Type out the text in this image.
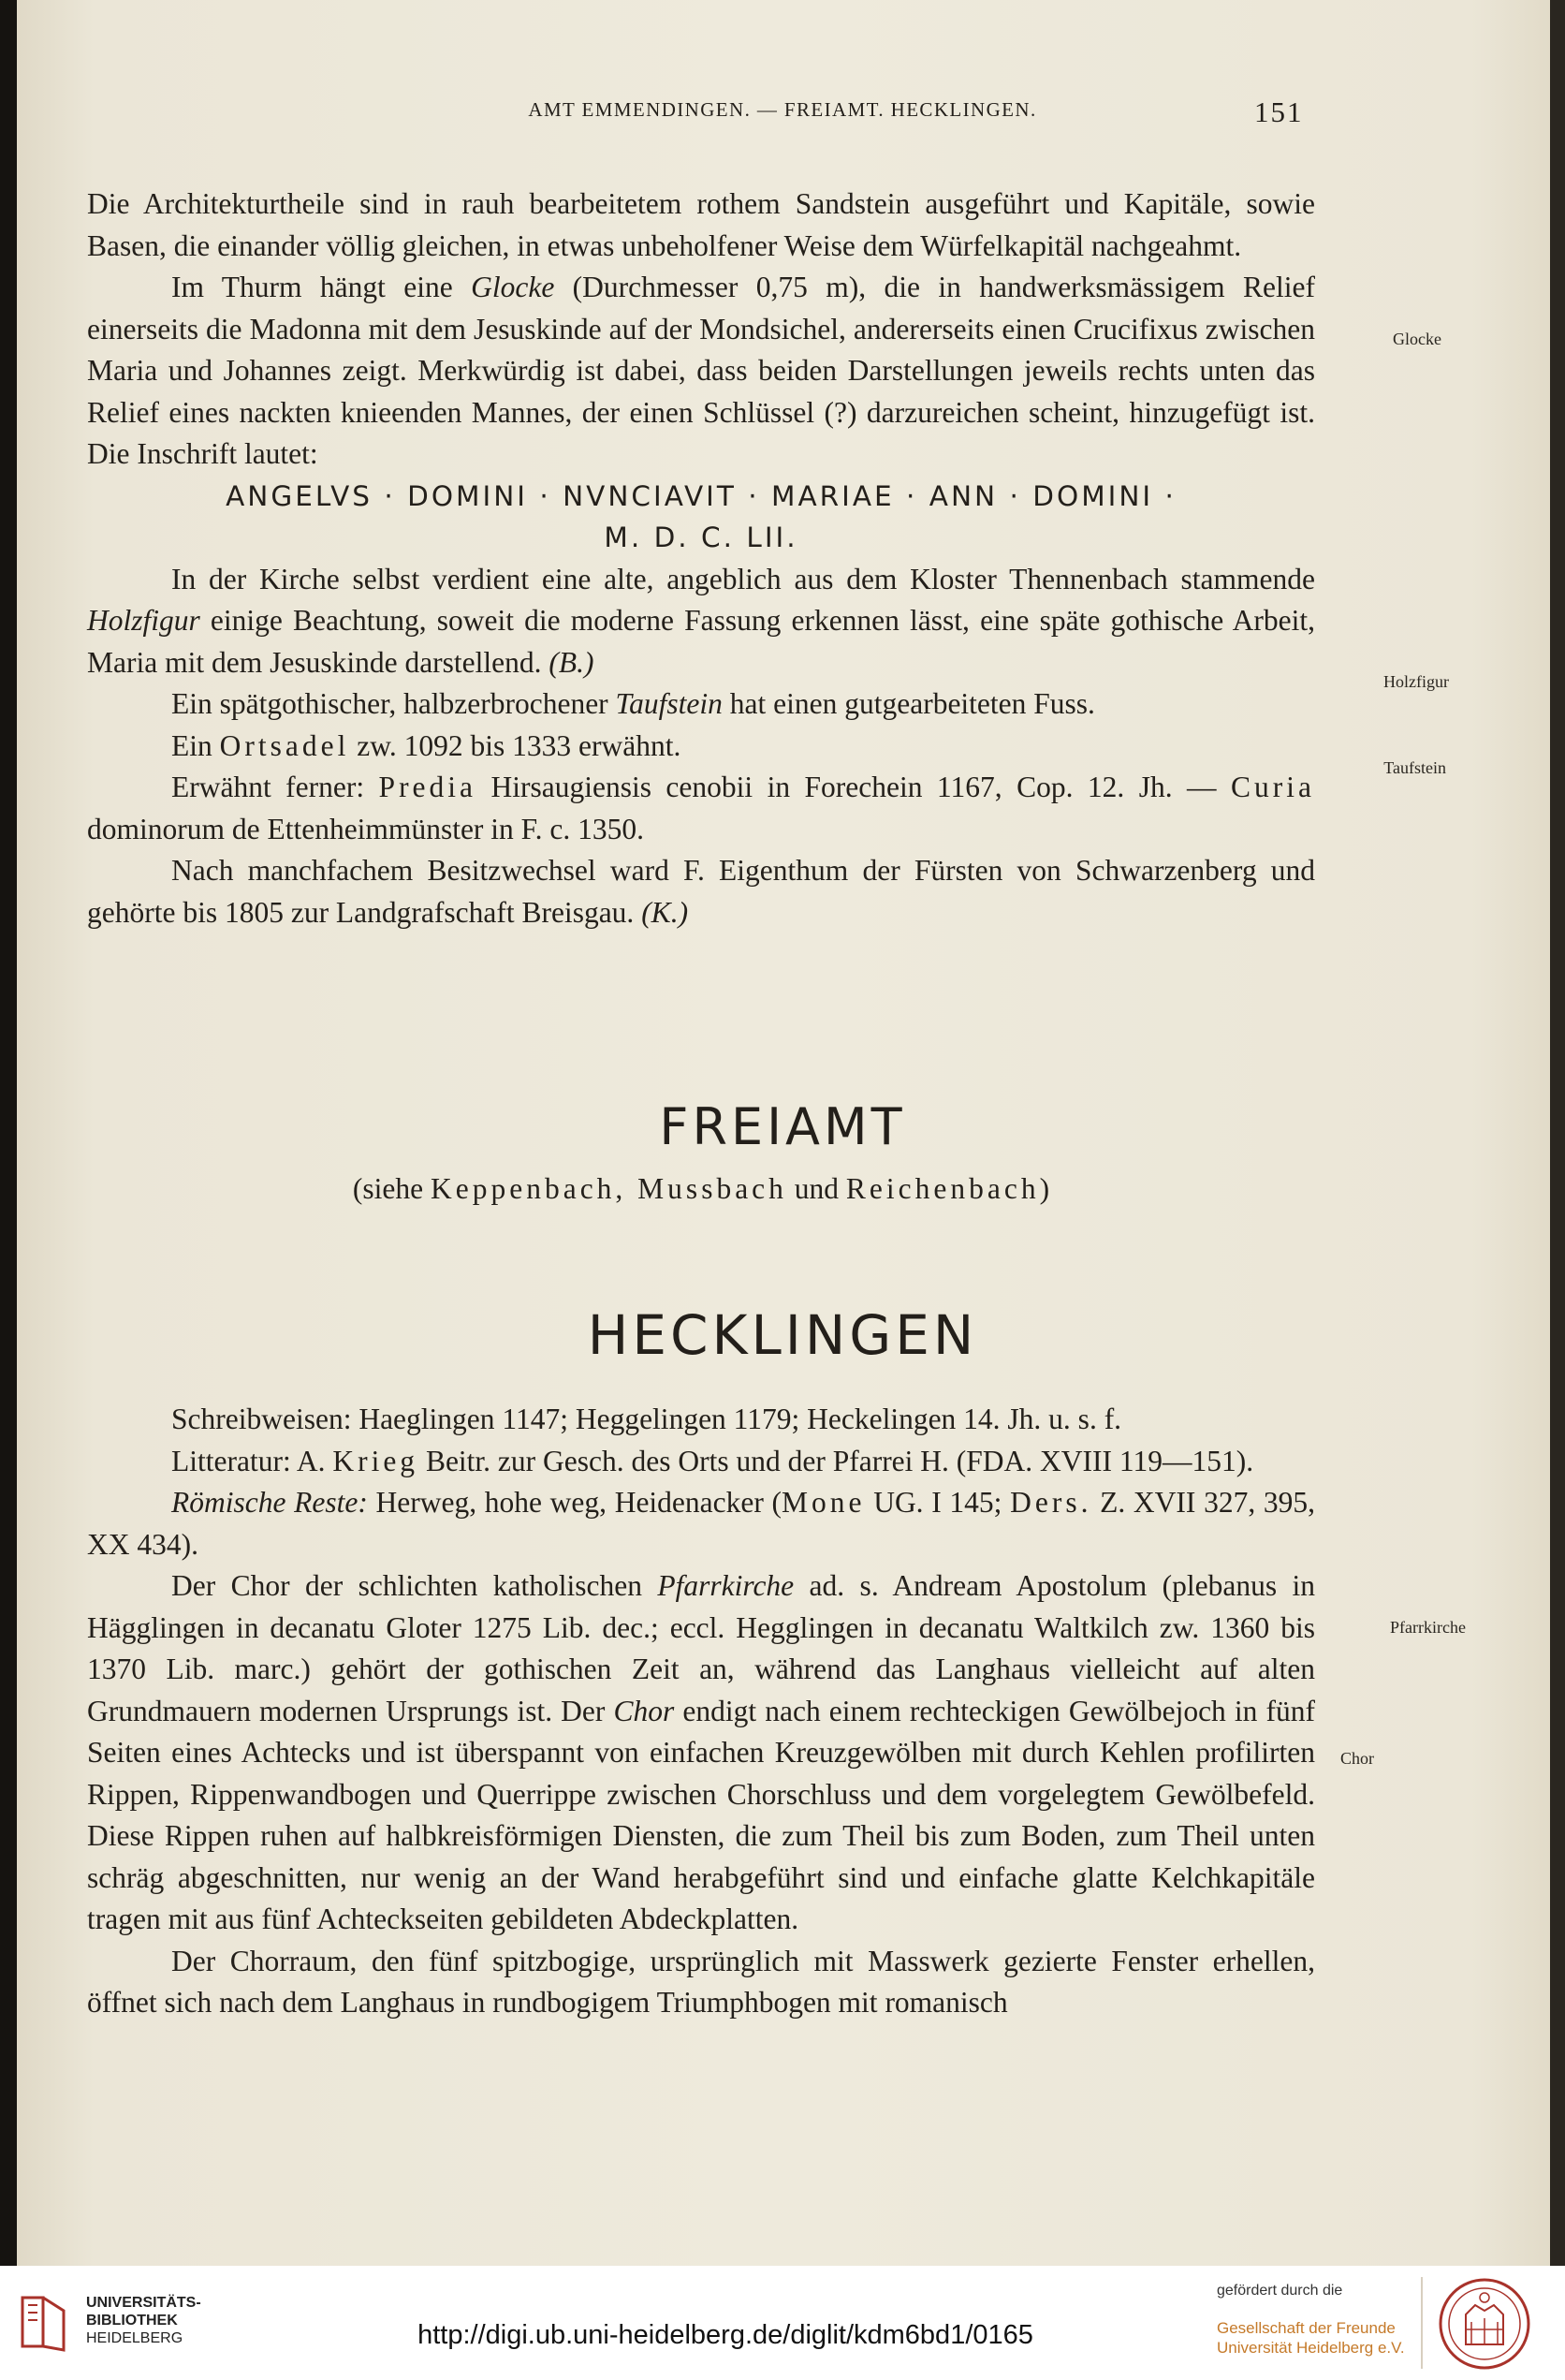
AMT EMMENDINGEN. — FREIAMT. HECKLINGEN.	151

Die Architekturtheile sind in rauh bearbeitetem rothem Sandstein ausgeführt und Kapitäle, sowie Basen, die einander völlig gleichen, in etwas unbeholfener Weise dem Würfelkapitäl nachgeahmt.

Im Thurm hängt eine Glocke (Durchmesser 0,75 m), die in handwerksmässigem Relief einerseits die Madonna mit dem Jesuskinde auf der Mondsichel, andererseits einen Crucifixus zwischen Maria und Johannes zeigt. Merkwürdig ist dabei, dass beiden Darstellungen jeweils rechts unten das Relief eines nackten knieenden Mannes, der einen Schlüssel (?) darzureichen scheint, hinzugefügt ist. Die Inschrift lautet:

ANGELVS · DOMINI · NVNCIAVIT · MARIAE · ANN · DOMINI ·

M. D. C. LII.

In der Kirche selbst verdient eine alte, angeblich aus dem Kloster Thennenbach stammende Holzfigur einige Beachtung, soweit die moderne Fassung erkennen lässt, eine späte gothische Arbeit, Maria mit dem Jesuskinde darstellend. (B.)

Ein spätgothischer, halbzerbrochener Taufstein hat einen gutgearbeiteten Fuss.

Ein Ortsadel zw. 1092 bis 1333 erwähnt.

Erwähnt ferner: Predia Hirsaugiensis cenobii in Forechein 1167, Cop. 12. Jh. — Curia dominorum de Ettenheimmünster in F. c. 1350.

Nach manchfachem Besitzwechsel ward F. Eigenthum der Fürsten von Schwarzenberg und gehörte bis 1805 zur Landgrafschaft Breisgau. (K.)

Glocke
Holzfigur
Taufstein
Pfarrkirche
Chor
FREIAMT
(siehe Keppenbach, Mussbach und Reichenbach)
HECKLINGEN

Schreibweisen: Haeglingen 1147; Heggelingen 1179; Heckelingen 14. Jh. u. s. f.

Litteratur: A. Krieg Beitr. zur Gesch. des Orts und der Pfarrei H. (FDA. XVIII 119—151).

Römische Reste: Herweg, hohe weg, Heidenacker (Mone UG. I 145; Ders. Z. XVII 327, 395, XX 434).

Der Chor der schlichten katholischen Pfarrkirche ad. s. Andream Apostolum (plebanus in Hägglingen in decanatu Gloter 1275 Lib. dec.; eccl. Hegglingen in decanatu Waltkilch zw. 1360 bis 1370 Lib. marc.) gehört der gothischen Zeit an, während das Langhaus vielleicht auf alten Grundmauern modernen Ursprungs ist. Der Chor endigt nach einem rechteckigen Gewölbejoch in fünf Seiten eines Achtecks und ist überspannt von einfachen Kreuzgewölben mit durch Kehlen profilirten Rippen, Rippenwandbogen und Querrippe zwischen Chorschluss und dem vorgelegtem Gewölbefeld. Diese Rippen ruhen auf halbkreisförmigen Diensten, die zum Theil bis zum Boden, zum Theil unten schräg abgeschnitten, nur wenig an der Wand herabgeführt sind und einfache glatte Kelchkapitäle tragen mit aus fünf Achteckseiten gebildeten Abdeckplatten.

Der Chorraum, den fünf spitzbogige, ursprünglich mit Masswerk gezierte Fenster erhellen, öffnet sich nach dem Langhaus in rundbogigem Triumphbogen mit romanisch

UNIVERSITÄTS-
BIBLIOTHEK
HEIDELBERG	http://digi.ub.uni-heidelberg.de/diglit/kdm6bd1/0165
gefördert durch die
Gesellschaft der Freunde
Universität Heidelberg e.V.
